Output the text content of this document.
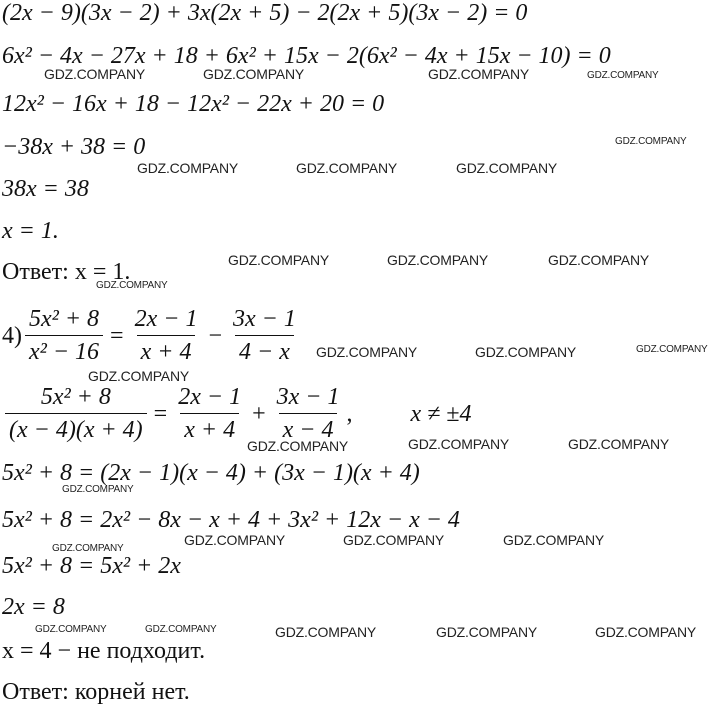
(2x − 9)(3x − 2) + 3x(2x + 5) − 2(2x + 5)(3x − 2) = 0
6x² − 4x − 27x + 18 + 6x² + 15x − 2(6x² − 4x + 15x − 10) = 0
12x² − 16x + 18 − 12x² − 22x + 20 = 0
−38x + 38 = 0
38x = 38
x = 1.
Ответ: x = 1.
$4) \frac{\text{5x² + 8}}{\text{x² − 16}} = \frac{2x - 1}{x + 4} - \frac{3x - 1}{4 - x}$
$\frac{\text{5x² + 8}}{(x - 4)(x + 4)} = \frac{2x - 1}{x + 4} + \frac{3x - 1}{x - 4}$ , x ≠ ±4
5x² + 8 = (2x − 1)(x − 4) + (3x − 1)(x + 4)
5x² + 8 = 2x² − 8x − x + 4 + 3x² + 12x − x − 4
5x² + 8 = 5x² + 2x
2x = 8
x = 4 − не подходит.
Ответ: корней нет.
GDZ.COMPANY	GDZ.COMPANY	GDZ.COMPANY	GDZ.COMPANY
GDZ.COMPANY
GDZ.COMPANY	GDZ.COMPANY	GDZ.COMPANY
GDZ.COMPANY	GDZ.COMPANY	GDZ.COMPANY
GDZ.COMPANY
GDZ.COMPANY	GDZ.COMPANY	GDZ.COMPANY
GDZ.COMPANY
GDZ.COMPANY	GDZ.COMPANY	GDZ.COMPANY
GDZ.COMPANY
GDZ.COMPANY	GDZ.COMPANY	GDZ.COMPANY
GDZ.COMPANY
GDZ.COMPANY	GDZ.COMPANY	GDZ.COMPANY	GDZ.COMPANY	GDZ.COMPANY
